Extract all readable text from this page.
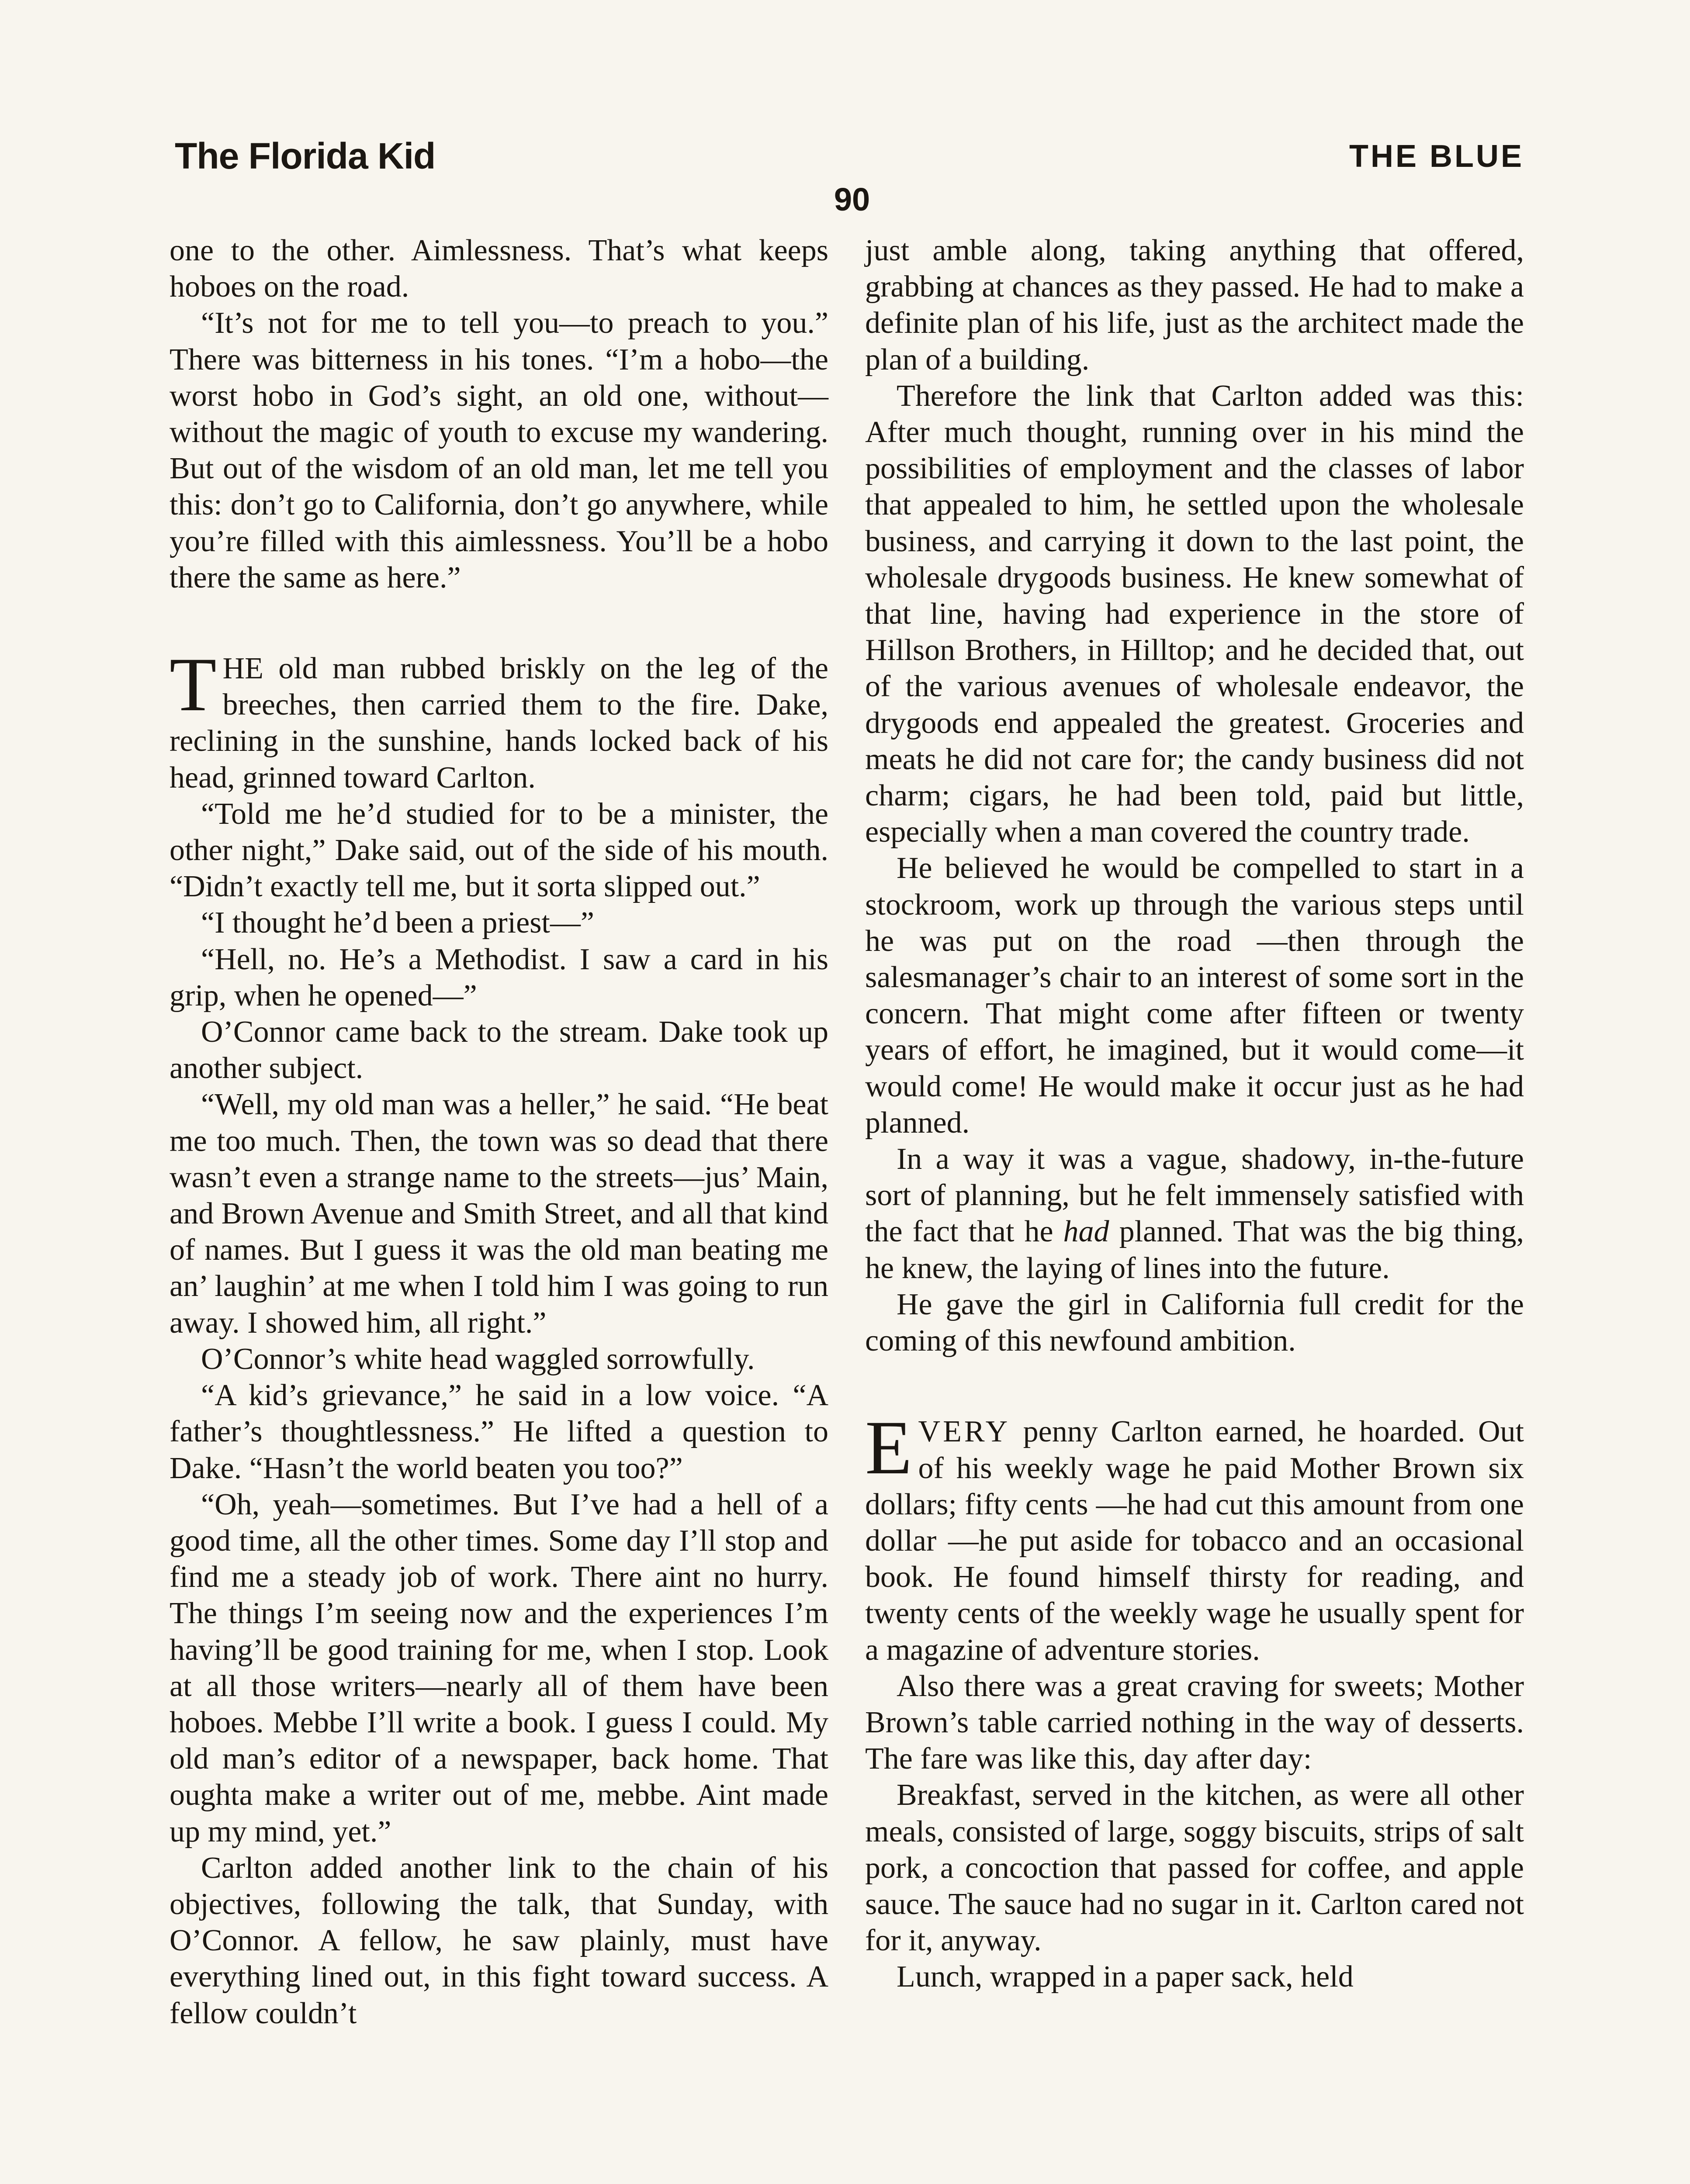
The Florida Kid	THE BLUE
90

one to the other. Aimlessness. That’s what keeps hoboes on the road.

“It’s not for me to tell you—to preach to you.” There was bitterness in his tones. “I’m a hobo—the worst hobo in God’s sight, an old one, without—without the magic of youth to excuse my wandering. But out of the wisdom of an old man, let me tell you this: don’t go to California, don’t go anywhere, while you’re filled with this aimlessness. You’ll be a hobo there the same as here.”

THE old man rubbed briskly on the leg of the breeches, then carried them to the fire. Dake, reclining in the sunshine, hands locked back of his head, grinned toward Carlton.

“Told me he’d studied for to be a minister, the other night,” Dake said, out of the side of his mouth. “Didn’t exactly tell me, but it sorta slipped out.”

“I thought he’d been a priest—”

“Hell, no. He’s a Methodist. I saw a card in his grip, when he opened—”

O’Connor came back to the stream. Dake took up another subject.

“Well, my old man was a heller,” he said. “He beat me too much. Then, the town was so dead that there wasn’t even a strange name to the streets—jus’ Main, and Brown Avenue and Smith Street, and all that kind of names. But I guess it was the old man beating me an’ laughin’ at me when I told him I was going to run away. I showed him, all right.”

O’Connor’s white head waggled sorrowfully.

“A kid’s grievance,” he said in a low voice. “A father’s thoughtlessness.” He lifted a question to Dake. “Hasn’t the world beaten you too?”

“Oh, yeah—sometimes. But I’ve had a hell of a good time, all the other times. Some day I’ll stop and find me a steady job of work. There aint no hurry. The things I’m seeing now and the experiences I’m having’ll be good training for me, when I stop. Look at all those writers—nearly all of them have been hoboes. Mebbe I’ll write a book. I guess I could. My old man’s editor of a newspaper, back home. That oughta make a writer out of me, mebbe. Aint made up my mind, yet.”

Carlton added another link to the chain of his objectives, following the talk, that Sunday, with O’Connor. A fellow, he saw plainly, must have everything lined out, in this fight toward success. A fellow couldn’t

just amble along, taking anything that offered, grabbing at chances as they passed. He had to make a definite plan of his life, just as the architect made the plan of a building.

Therefore the link that Carlton added was this: After much thought, running over in his mind the possibilities of employment and the classes of labor that appealed to him, he settled upon the wholesale business, and carrying it down to the last point, the wholesale drygoods business. He knew somewhat of that line, having had experience in the store of Hillson Brothers, in Hilltop; and he decided that, out of the various avenues of wholesale endeavor, the drygoods end appealed the greatest. Groceries and meats he did not care for; the candy business did not charm; cigars, he had been told, paid but little, especially when a man covered the country trade.

He believed he would be compelled to start in a stockroom, work up through the various steps until he was put on the road —then through the salesmanager’s chair to an interest of some sort in the concern. That might come after fifteen or twenty years of effort, he imagined, but it would come—it would come! He would make it occur just as he had planned.

In a way it was a vague, shadowy, in-the-future sort of planning, but he felt immensely satisfied with the fact that he had planned. That was the big thing, he knew, the laying of lines into the future.

He gave the girl in California full credit for the coming of this newfound ambition.

EVERY penny Carlton earned, he hoarded. Out of his weekly wage he paid Mother Brown six dollars; fifty cents —he had cut this amount from one dollar —he put aside for tobacco and an occasional book. He found himself thirsty for reading, and twenty cents of the weekly wage he usually spent for a magazine of adventure stories.

Also there was a great craving for sweets; Mother Brown’s table carried nothing in the way of desserts. The fare was like this, day after day:

Breakfast, served in the kitchen, as were all other meals, consisted of large, soggy biscuits, strips of salt pork, a concoction that passed for coffee, and apple sauce. The sauce had no sugar in it. Carlton cared not for it, anyway.

Lunch, wrapped in a paper sack, held
